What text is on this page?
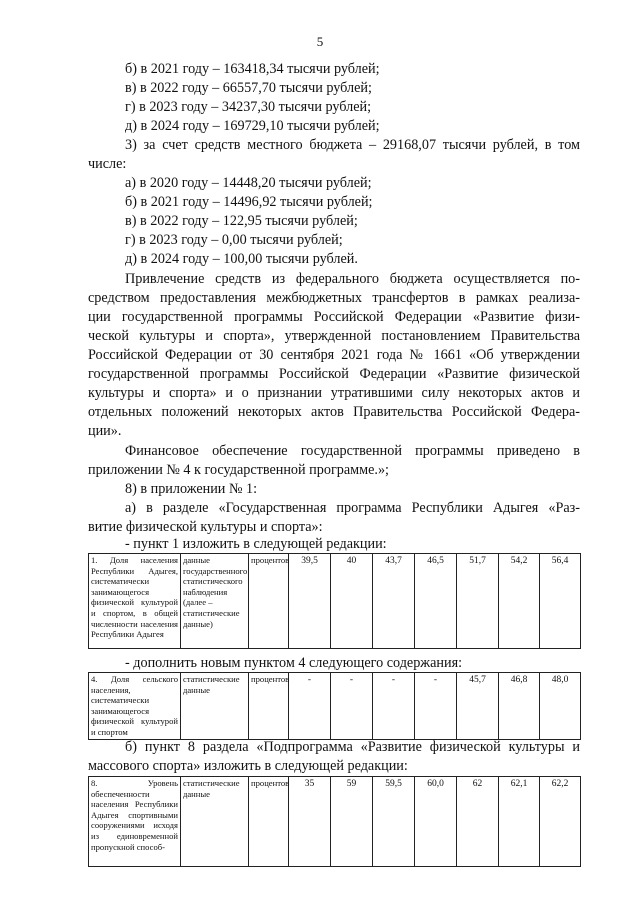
5
б) в 2021 году – 163418,34 тысячи рублей;
в) в 2022 году – 66557,70 тысячи рублей;
г) в 2023 году – 34237,30 тысячи рублей;
д) в 2024 году – 169729,10 тысячи рублей;
3) за счет средств местного бюджета – 29168,07 тысячи рублей, в том
числе:
а) в 2020 году – 14448,20 тысячи рублей;
б) в 2021 году – 14496,92 тысячи рублей;
в) в 2022 году – 122,95 тысячи рублей;
г) в 2023 году – 0,00 тысячи рублей;
д) в 2024 году – 100,00 тысячи рублей.
Привлечение средств из федерального бюджета осуществляется по-
средством предоставления межбюджетных трансфертов в рамках реализа-
ции государственной программы Российской Федерации «Развитие физи-
ческой культуры и спорта», утвержденной постановлением Правительства
Российской Федерации от 30 сентября 2021 года № 1661 «Об утверждении
государственной программы Российской Федерации «Развитие физической
культуры и спорта» и о признании утратившими силу некоторых актов и
отдельных положений некоторых актов Правительства Российской Федера-
ции».
Финансовое обеспечение государственной программы приведено в
приложении № 4 к государственной программе.»;
8) в приложении № 1:
а) в разделе «Государственная программа Республики Адыгея «Раз-
витие физической культуры и спорта»:
- пункт 1 изложить в следующей редакции:
1. Доля населения Республики Адыгея, систематически занимающегося физической культурой и спортом, в общей численности населения Республики Адыгея	данные государственного статистического наблюдения (далее – статистические данные)	процентов	39,5	40	43,7	46,5	51,7	54,2	56,4
- дополнить новым пунктом 4 следующего содержания:
4. Доля сельского населения, систематически занимающегося физической культурой и спортом	статистические данные	процентов	-	-	-	-	45,7	46,8	48,0
б) пункт 8 раздела «Подпрограмма «Развитие физической культуры и
массового спорта» изложить в следующей редакции:
8. Уровень обеспеченности населения Республики Адыгея спортивными сооружениями исходя из единовременной пропускной способ-	статистические данные	процентов	35	59	59,5	60,0	62	62,1	62,2
